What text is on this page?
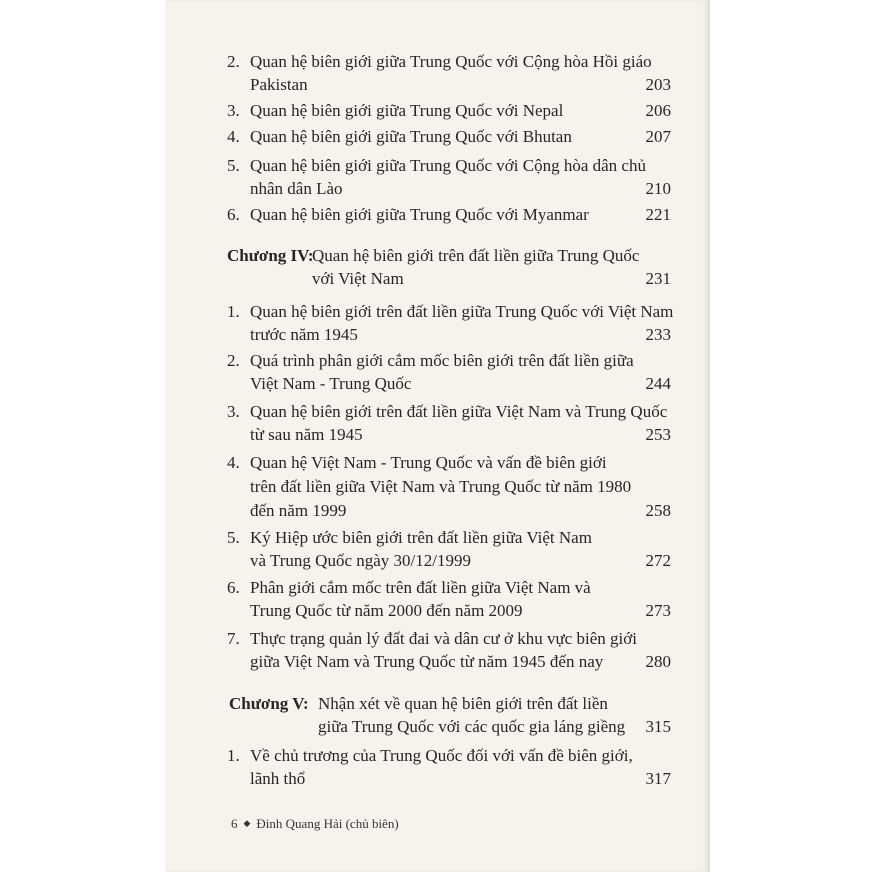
2. Quan hệ biên giới giữa Trung Quốc với Cộng hòa Hồi giáo
Pakistan	203
3. Quan hệ biên giới giữa Trung Quốc với Nepal	206
4. Quan hệ biên giới giữa Trung Quốc với Bhutan	207
5. Quan hệ biên giới giữa Trung Quốc với Cộng hòa dân chủ
nhân dân Lào	210
6. Quan hệ biên giới giữa Trung Quốc với Myanmar	221
Chương IV:
Quan hệ biên giới trên đất liền giữa Trung Quốc
với Việt Nam	231
1. Quan hệ biên giới trên đất liền giữa Trung Quốc với Việt Nam
trước năm 1945	233
2. Quá trình phân giới cắm mốc biên giới trên đất liền giữa
Việt Nam - Trung Quốc	244
3. Quan hệ biên giới trên đất liền giữa Việt Nam và Trung Quốc
từ sau năm 1945	253
4. Quan hệ Việt Nam - Trung Quốc và vấn đề biên giới
trên đất liền giữa Việt Nam và Trung Quốc từ năm 1980
đến năm 1999	258
5. Ký Hiệp ước biên giới trên đất liền giữa Việt Nam
và Trung Quốc ngày 30/12/1999	272
6. Phân giới cắm mốc trên đất liền giữa Việt Nam và
Trung Quốc từ năm 2000 đến năm 2009	273
7. Thực trạng quản lý đất đai và dân cư ở khu vực biên giới
giữa Việt Nam và Trung Quốc từ năm 1945 đến nay	280
Chương V: Nhận xét về quan hệ biên giới trên đất liền
giữa Trung Quốc với các quốc gia láng giềng	315
1. Về chủ trương của Trung Quốc đối với vấn đề biên giới,
lãnh thổ	317
6 ◆ Đinh Quang Hải (chủ biên)
